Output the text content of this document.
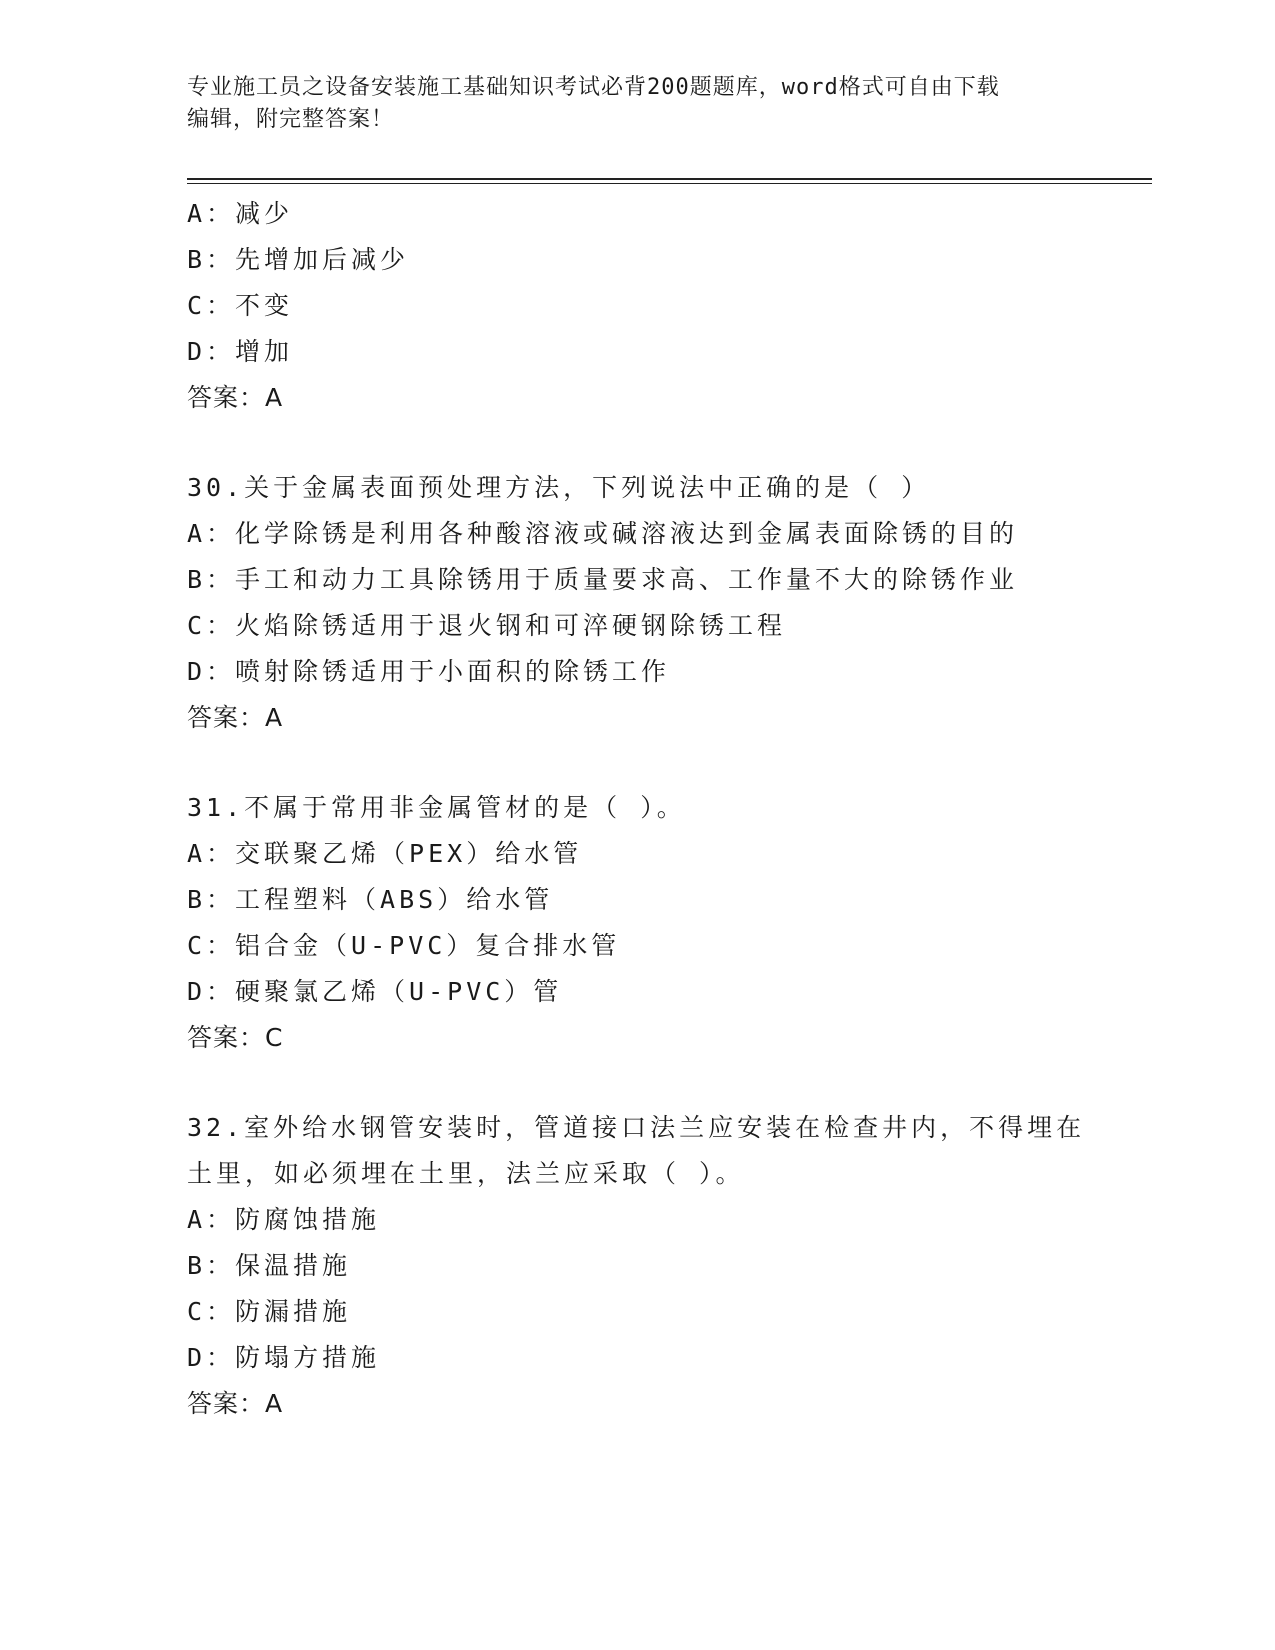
专业施工员之设备安装施工基础知识考试必背200题题库，word格式可自由下载
编辑，附完整答案！
A：减少
B：先增加后减少
C：不变
D：增加
答案：A
30.关于金属表面预处理方法，下列说法中正确的是（ ）
A：化学除锈是利用各种酸溶液或碱溶液达到金属表面除锈的目的
B：手工和动力工具除锈用于质量要求高、工作量不大的除锈作业
C：火焰除锈适用于退火钢和可淬硬钢除锈工程
D：喷射除锈适用于小面积的除锈工作
答案：A
31.不属于常用非金属管材的是（ ）。
A：交联聚乙烯（PEX）给水管
B：工程塑料（ABS）给水管
C：铝合金（U-PVC）复合排水管
D：硬聚氯乙烯（U-PVC）管
答案：C
32.室外给水钢管安装时，管道接口法兰应安装在检查井内，不得埋在
土里，如必须埋在土里，法兰应采取（ ）。
A：防腐蚀措施
B：保温措施
C：防漏措施
D：防塌方措施
答案：A
